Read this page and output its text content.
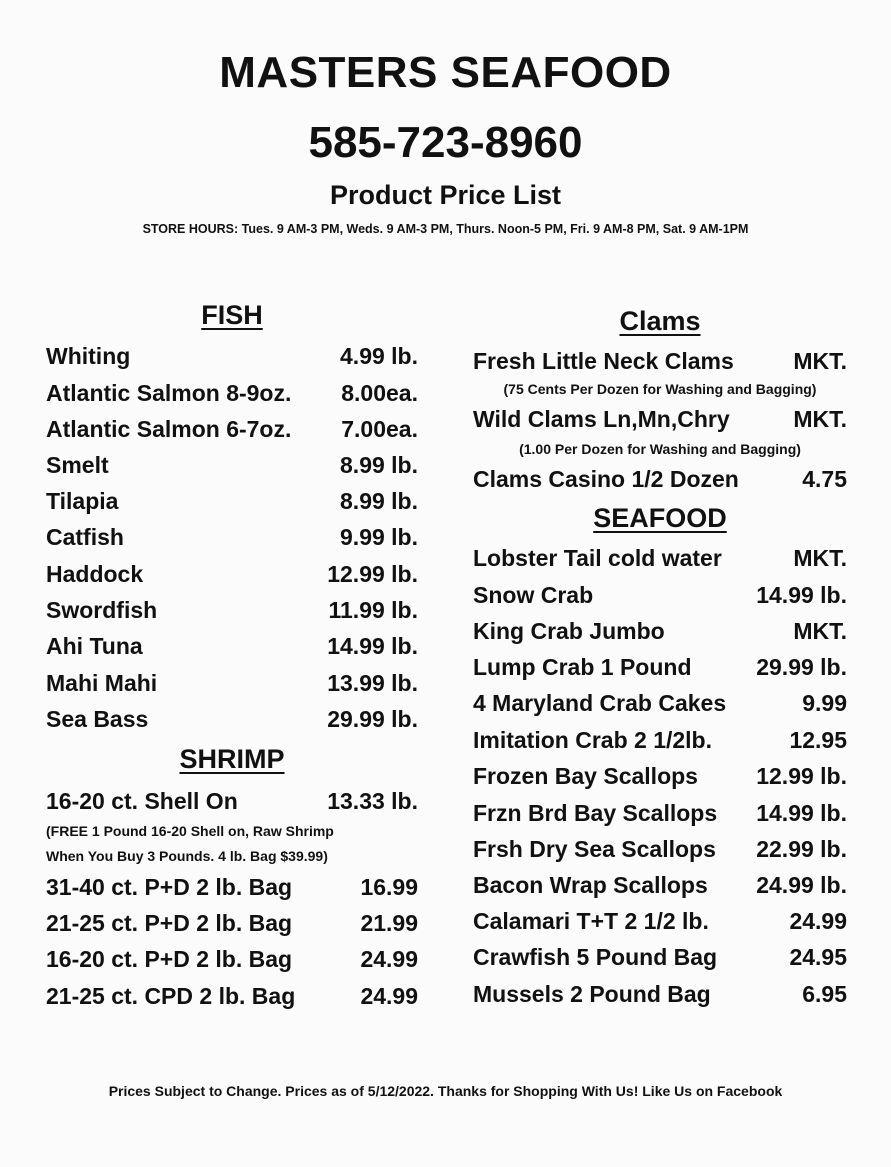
MASTERS SEAFOOD
585-723-8960
Product Price List
STORE HOURS: Tues. 9 AM-3 PM, Weds. 9 AM-3 PM, Thurs. Noon-5 PM, Fri. 9 AM-8 PM, Sat. 9 AM-1PM
FISH
Whiting	4.99 lb.
Atlantic Salmon 8-9oz. 8.00ea.
Atlantic Salmon 6-7oz. 7.00ea.
Smelt	8.99 lb.
Tilapia	8.99 lb.
Catfish	9.99 lb.
Haddock	12.99 lb.
Swordfish	11.99 lb.
Ahi Tuna	14.99 lb.
Mahi Mahi	13.99 lb.
Sea Bass	29.99 lb.
SHRIMP
16-20 ct. Shell On	13.33 lb.
(FREE 1 Pound 16-20 Shell on, Raw Shrimp
When You Buy 3 Pounds. 4 lb. Bag $39.99)
31-40 ct. P+D 2 lb. Bag	16.99
21-25 ct. P+D 2 lb. Bag	21.99
16-20 ct. P+D 2 lb. Bag	24.99
21-25 ct. CPD 2 lb. Bag	24.99
Clams
Fresh Little Neck Clams	MKT.
(75 Cents Per Dozen for Washing and Bagging)
Wild Clams Ln,Mn,Chry	MKT.
(1.00 Per Dozen for Washing and Bagging)
Clams Casino 1/2 Dozen	4.75
SEAFOOD
Lobster Tail cold water	MKT.
Snow Crab	14.99 lb.
King Crab Jumbo	MKT.
Lump Crab 1 Pound	29.99 lb.
4 Maryland Crab Cakes	9.99
Imitation Crab 2 1/2lb.	12.95
Frozen Bay Scallops	12.99 lb.
Frzn Brd Bay Scallops 14.99 lb.
Frsh Dry Sea Scallops 22.99 lb.
Bacon Wrap Scallops 24.99 lb.
Calamari T+T 2 1/2 lb.	24.99
Crawfish 5 Pound Bag	24.95
Mussels 2 Pound Bag	6.95
Prices Subject to Change. Prices as of 5/12/2022. Thanks for Shopping With Us! Like Us on Facebook
